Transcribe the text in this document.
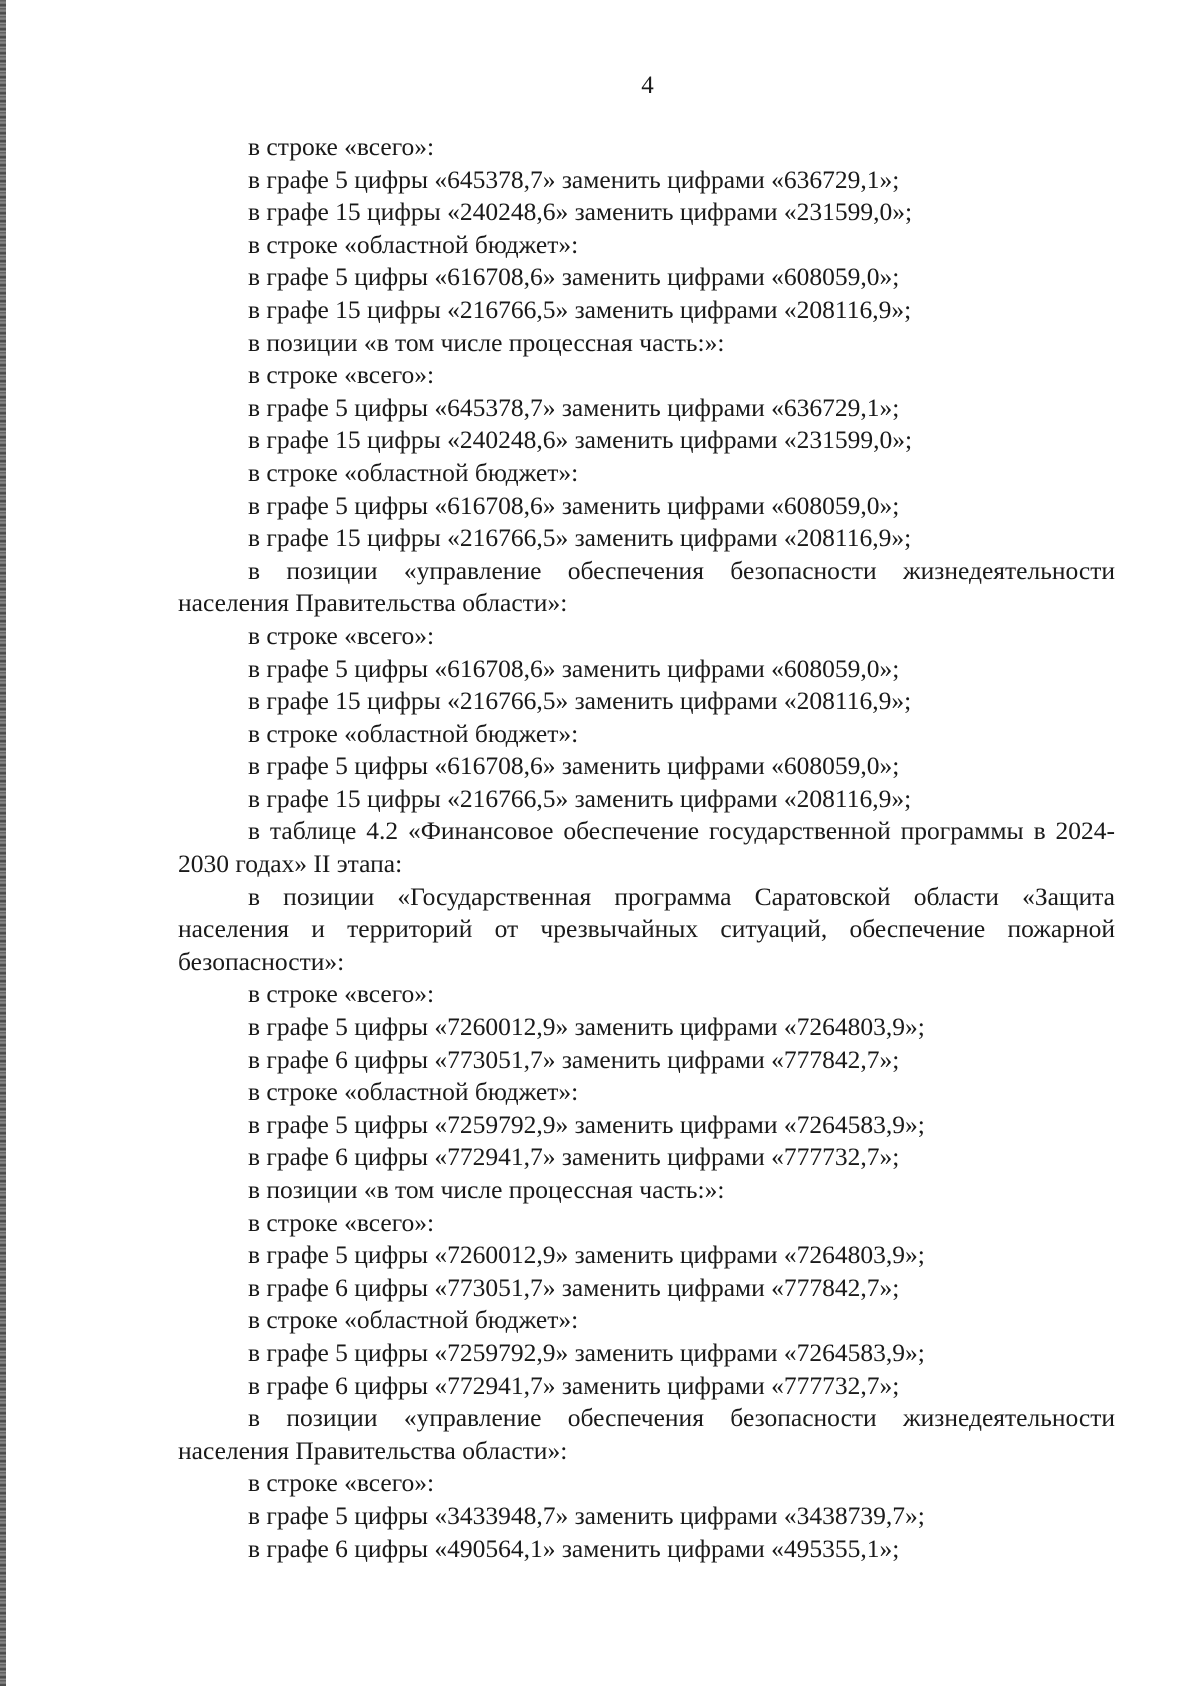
4

в строке «всего»:

в графе 5 цифры «645378,7» заменить цифрами «636729,1»;

в графе 15 цифры «240248,6» заменить цифрами «231599,0»;

в строке «областной бюджет»:

в графе 5 цифры «616708,6» заменить цифрами «608059,0»;

в графе 15 цифры «216766,5» заменить цифрами «208116,9»;

в позиции «в том числе процессная часть:»:

в строке «всего»:

в графе 5 цифры «645378,7» заменить цифрами «636729,1»;

в графе 15 цифры «240248,6» заменить цифрами «231599,0»;

в строке «областной бюджет»:

в графе 5 цифры «616708,6» заменить цифрами «608059,0»;

в графе 15 цифры «216766,5» заменить цифрами «208116,9»;

в позиции «управление обеспечения безопасности жизнедеятельности населения Правительства области»:

в строке «всего»:

в графе 5 цифры «616708,6» заменить цифрами «608059,0»;

в графе 15 цифры «216766,5» заменить цифрами «208116,9»;

в строке «областной бюджет»:

в графе 5 цифры «616708,6» заменить цифрами «608059,0»;

в графе 15 цифры «216766,5» заменить цифрами «208116,9»;

в таблице 4.2 «Финансовое обеспечение государственной программы в 2024-2030 годах» II этапа:

в позиции «Государственная программа Саратовской области «Защита населения и территорий от чрезвычайных ситуаций, обеспечение пожарной безопасности»:

в строке «всего»:

в графе 5 цифры «7260012,9» заменить цифрами «7264803,9»;

в графе 6 цифры «773051,7» заменить цифрами «777842,7»;

в строке «областной бюджет»:

в графе 5 цифры «7259792,9» заменить цифрами «7264583,9»;

в графе 6 цифры «772941,7» заменить цифрами «777732,7»;

в позиции «в том числе процессная часть:»:

в строке «всего»:

в графе 5 цифры «7260012,9» заменить цифрами «7264803,9»;

в графе 6 цифры «773051,7» заменить цифрами «777842,7»;

в строке «областной бюджет»:

в графе 5 цифры «7259792,9» заменить цифрами «7264583,9»;

в графе 6 цифры «772941,7» заменить цифрами «777732,7»;

в позиции «управление обеспечения безопасности жизнедеятельности населения Правительства области»:

в строке «всего»:

в графе 5 цифры «3433948,7» заменить цифрами «3438739,7»;

в графе 6 цифры «490564,1» заменить цифрами «495355,1»;
